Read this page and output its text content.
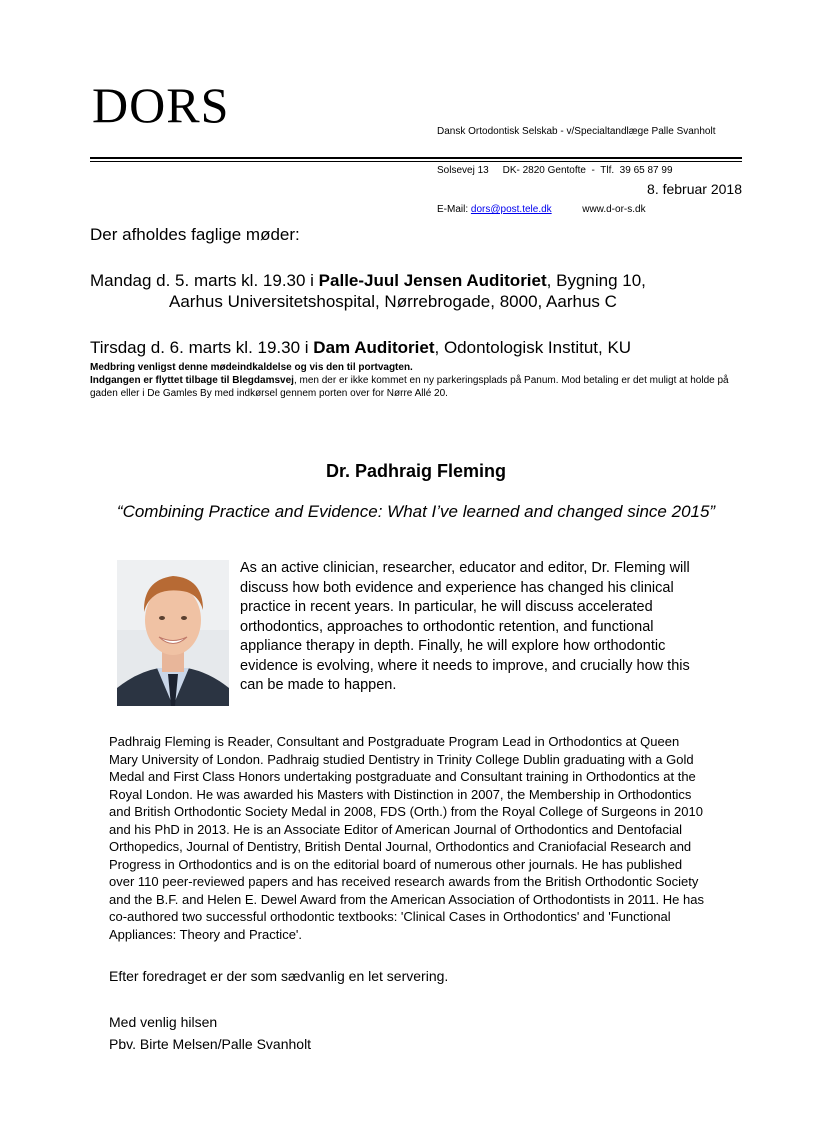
DORS

	Dansk Ortodontisk Selskab - v/Specialtandlæge Palle Svanholt

Solsevej 13     DK- 2820 Gentofte  -  Tlf.  39 65 87 99

E-Mail: dors@post.tele.dk	www.d-or-s.dk

8. februar 2018
Der afholdes faglige møder:
Mandag d. 5. marts kl. 19.30 i Palle-Juul Jensen Auditoriet, Bygning 10,
Aarhus Universitetshospital, Nørrebrogade, 8000, Aarhus C
Tirsdag d. 6. marts kl. 19.30 i Dam Auditoriet, Odontologisk Institut, KU
Medbring venligst denne mødeindkaldelse og vis den til portvagten.
Indgangen er flyttet tilbage til Blegdamsvej, men der er ikke kommet en ny parkeringsplads på Panum. Mod betaling er det muligt at holde på gaden eller i De Gamles By med indkørsel gennem porten over for Nørre Allé 20.
Dr. Padhraig Fleming
“Combining Practice and Evidence: What I’ve learned and changed since 2015”
As an active clinician, researcher, educator and editor, Dr. Fleming will discuss how both evidence and experience has changed his clinical practice in recent years. In particular, he will discuss accelerated orthodontics, approaches to orthodontic retention, and functional appliance therapy in depth. Finally, he will explore how orthodontic evidence is evolving, where it needs to improve, and crucially how this can be made to happen.
Padhraig Fleming is Reader, Consultant and Postgraduate Program Lead in Orthodontics at Queen Mary University of London. Padhraig studied Dentistry in Trinity College Dublin graduating with a Gold Medal and First Class Honors undertaking postgraduate and Consultant training in Orthodontics at the Royal London. He was awarded his Masters with Distinction in 2007, the Membership in Orthodontics and British Orthodontic Society Medal in 2008, FDS (Orth.) from the Royal College of Surgeons in 2010 and his PhD in 2013. He is an Associate Editor of American Journal of Orthodontics and Dentofacial Orthopedics, Journal of Dentistry, British Dental Journal, Orthodontics and Craniofacial Research and Progress in Orthodontics and is on the editorial board of numerous other journals. He has published over 110 peer-reviewed papers and has received research awards from the British Orthodontic Society and the B.F. and Helen E. Dewel Award from the American Association of Orthodontists in 2011. He has co-authored two successful orthodontic textbooks: 'Clinical Cases in Orthodontics' and 'Functional Appliances: Theory and Practice'.
Efter foredraget er der som sædvanlig en let servering.
Med venlig hilsen
Pbv. Birte Melsen/Palle Svanholt
